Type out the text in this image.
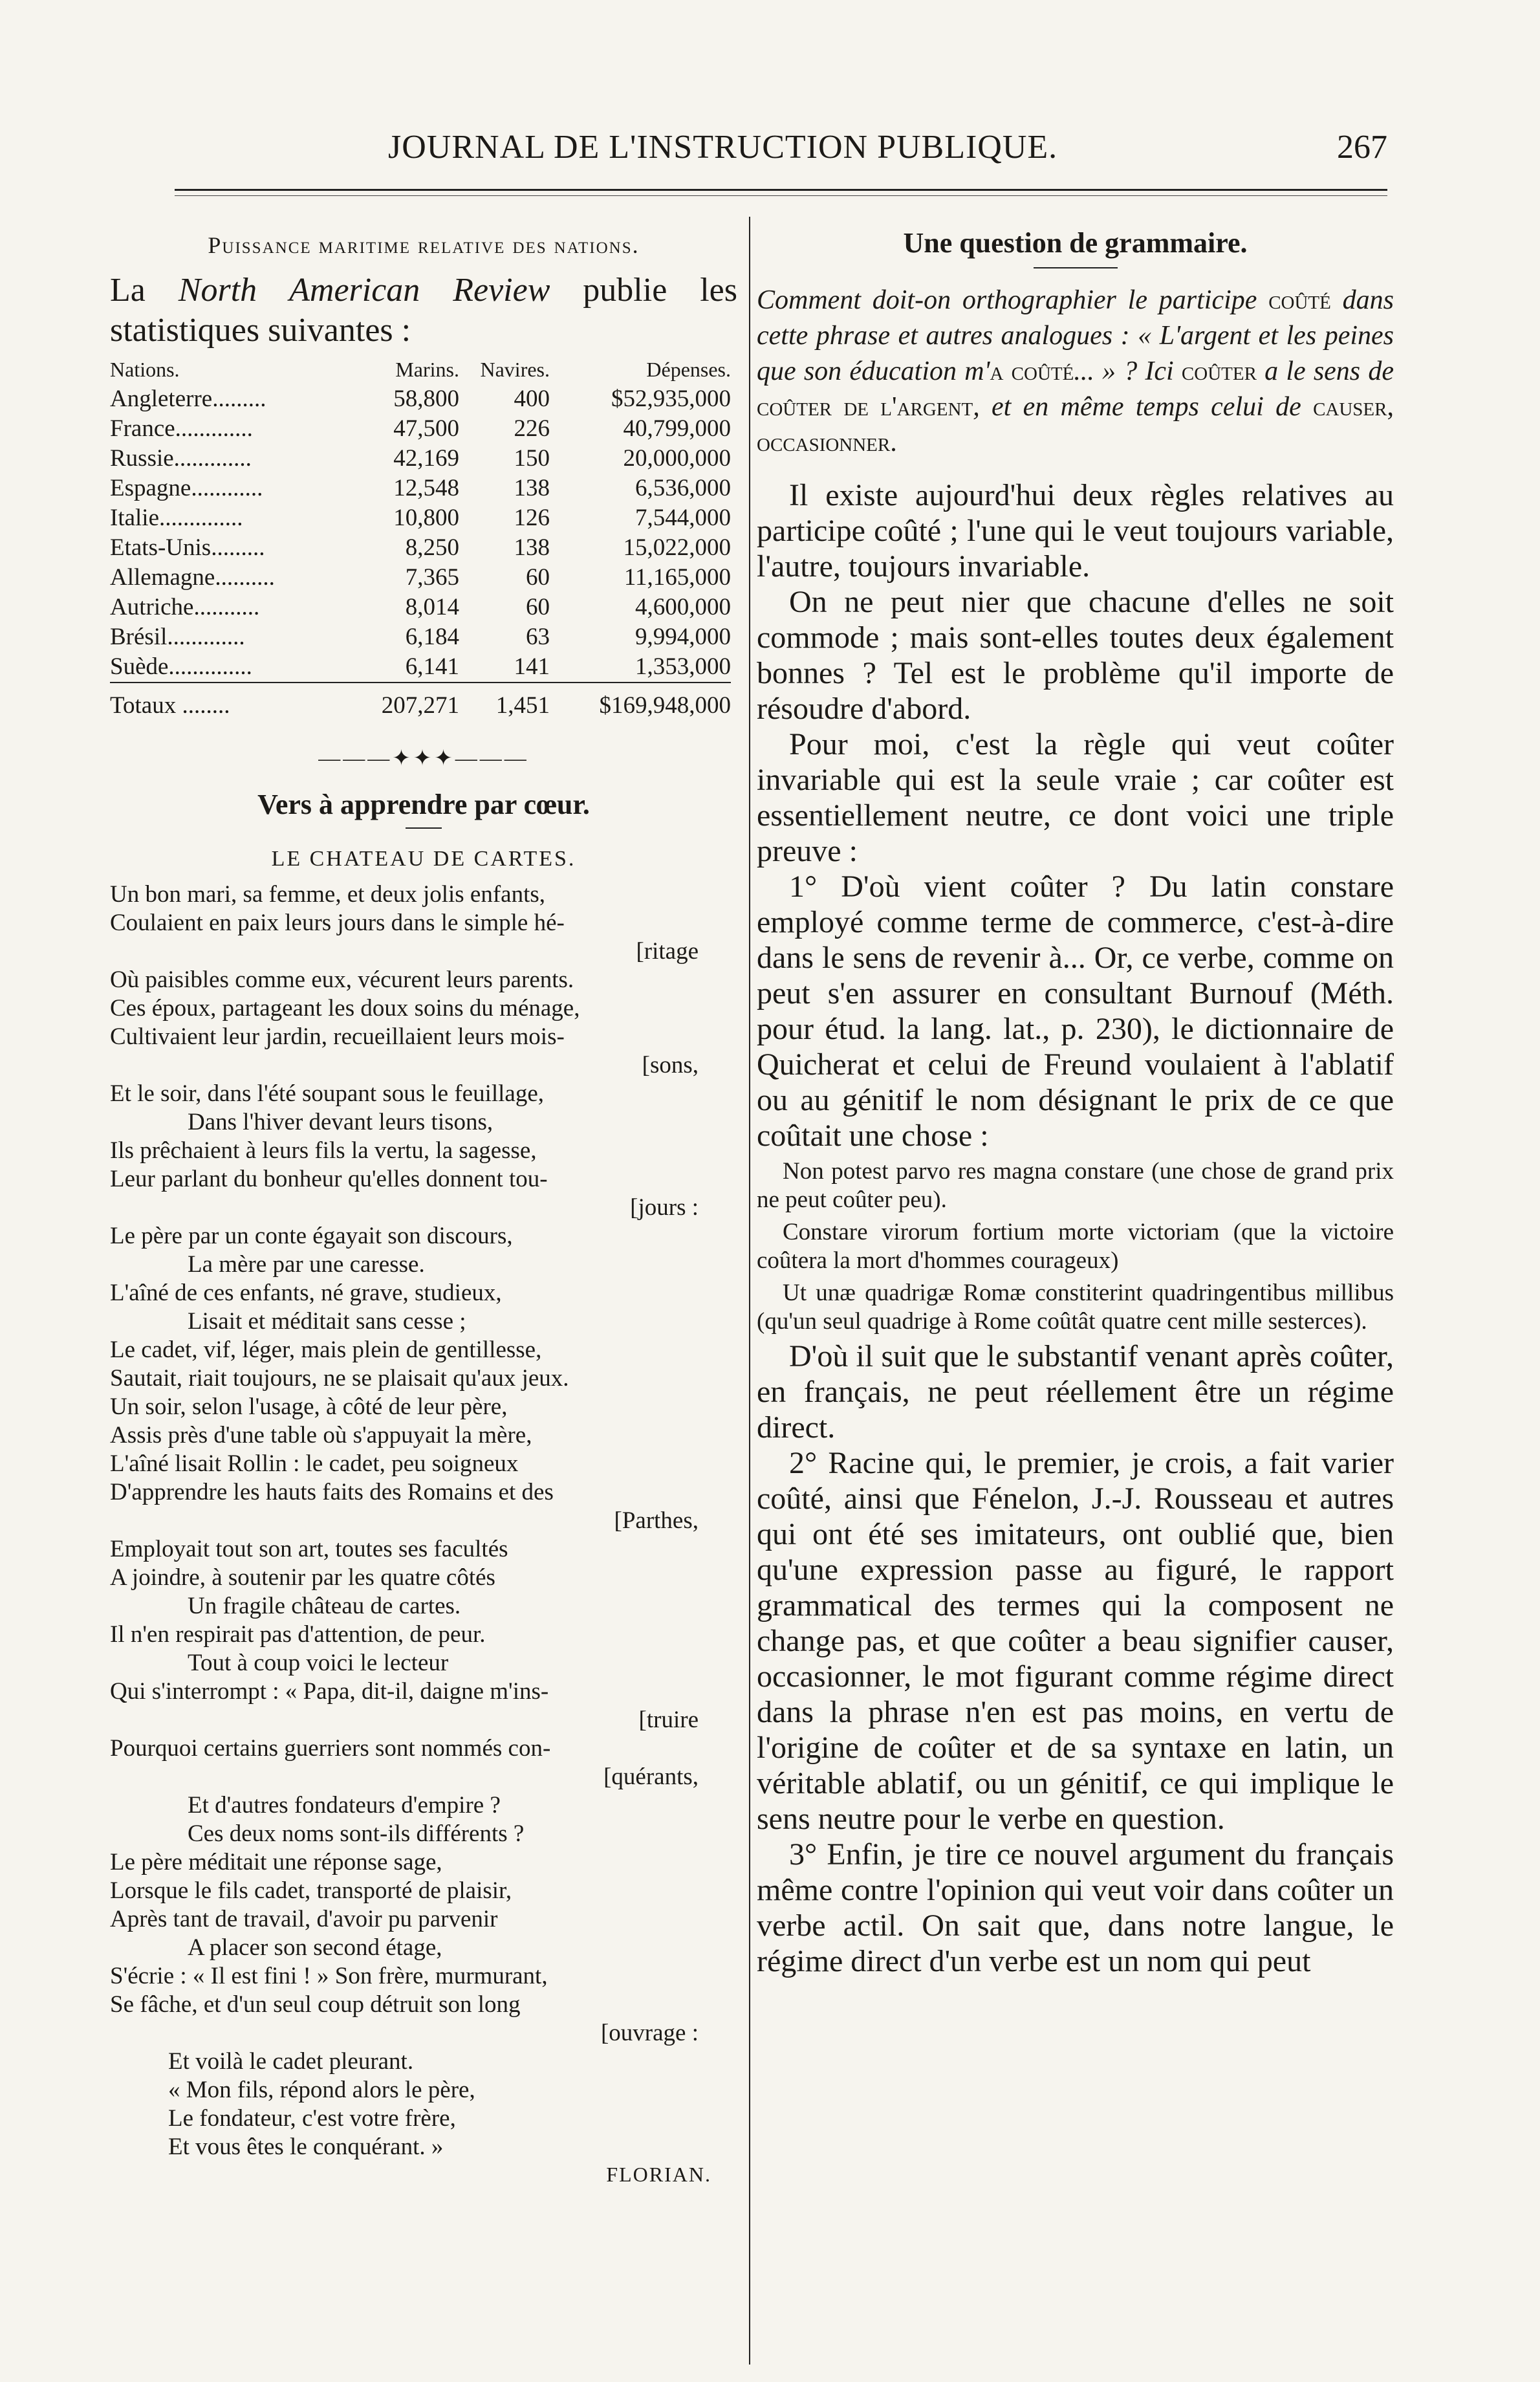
JOURNAL DE L'INSTRUCTION PUBLIQUE.	267
Puissance maritime relative des nations.

La North American Review publie les statistiques suivantes :

Nations.	Marins.	Navires.	Dépenses.
Angleterre.........	58,800	400	$52,935,000
France.............	47,500	226	40,799,000
Russie.............	42,169	150	20,000,000
Espagne............	12,548	138	6,536,000
Italie..............	10,800	126	7,544,000
Etats-Unis.........	8,250	138	15,022,000
Allemagne..........	7,365	60	11,165,000
Autriche...........	8,014	60	4,600,000
Brésil.............	6,184	63	9,994,000
Suède..............	6,141	141	1,353,000

Totaux ........	207,271	1,451	$169,948,000
———✦✦✦———
Vers à apprendre par cœur.
LE CHATEAU DE CARTES.
Un bon mari, sa femme, et deux jolis enfants,
Coulaient en paix leurs jours dans le simple hé-
[ritage
Où paisibles comme eux, vécurent leurs parents.
Ces époux, partageant les doux soins du ménage,
Cultivaient leur jardin, recueillaient leurs mois-
[sons,
Et le soir, dans l'été soupant sous le feuillage,
Dans l'hiver devant leurs tisons,
Ils prêchaient à leurs fils la vertu, la sagesse,
Leur parlant du bonheur qu'elles donnent tou-
[jours :
Le père par un conte égayait son discours,
La mère par une caresse.
L'aîné de ces enfants, né grave, studieux,
Lisait et méditait sans cesse ;
Le cadet, vif, léger, mais plein de gentillesse,
Sautait, riait toujours, ne se plaisait qu'aux jeux.
Un soir, selon l'usage, à côté de leur père,
Assis près d'une table où s'appuyait la mère,
L'aîné lisait Rollin : le cadet, peu soigneux
D'apprendre les hauts faits des Romains et des
[Parthes,
Employait tout son art, toutes ses facultés
A joindre, à soutenir par les quatre côtés
Un fragile château de cartes.
Il n'en respirait pas d'attention, de peur.
Tout à coup voici le lecteur
Qui s'interrompt : « Papa, dit-il, daigne m'ins-
[truire
Pourquoi certains guerriers sont nommés con-
[quérants,
Et d'autres fondateurs d'empire ?
Ces deux noms sont-ils différents ?
Le père méditait une réponse sage,
Lorsque le fils cadet, transporté de plaisir,
Après tant de travail, d'avoir pu parvenir
A placer son second étage,
S'écrie : « Il est fini ! » Son frère, murmurant,
Se fâche, et d'un seul coup détruit son long
[ouvrage :
Et voilà le cadet pleurant.
« Mon fils, répond alors le père,
Le fondateur, c'est votre frère,
Et vous êtes le conquérant. »
FLORIAN.
Une question de grammaire.

Comment doit-on orthographier le participe coûté dans cette phrase et autres analogues : « L'argent et les peines que son éducation m'a coûté... » ? Ici coûter a le sens de coûter de l'argent, et en même temps celui de causer, occasionner.

Il existe aujourd'hui deux règles relatives au participe coûté ; l'une qui le veut toujours variable, l'autre, toujours invariable.

On ne peut nier que chacune d'elles ne soit commode ; mais sont-elles toutes deux également bonnes ? Tel est le problème qu'il importe de résoudre d'abord.

Pour moi, c'est la règle qui veut coûter invariable qui est la seule vraie ; car coûter est essentiellement neutre, ce dont voici une triple preuve :

1° D'où vient coûter ? Du latin constare employé comme terme de commerce, c'est-à-dire dans le sens de revenir à... Or, ce verbe, comme on peut s'en assurer en consultant Burnouf (Méth. pour étud. la lang. lat., p. 230), le dictionnaire de Quicherat et celui de Freund voulaient à l'ablatif ou au génitif le nom désignant le prix de ce que coûtait une chose :

Non potest parvo res magna constare (une chose de grand prix ne peut coûter peu).

Constare virorum fortium morte victoriam (que la victoire coûtera la mort d'hommes courageux)

Ut unæ quadrigæ Romæ constiterint quadringentibus millibus (qu'un seul quadrige à Rome coûtât quatre cent mille sesterces).

D'où il suit que le substantif venant après coûter, en français, ne peut réellement être un régime direct.

2° Racine qui, le premier, je crois, a fait varier coûté, ainsi que Fénelon, J.-J. Rousseau et autres qui ont été ses imitateurs, ont oublié que, bien qu'une expression passe au figuré, le rapport grammatical des termes qui la composent ne change pas, et que coûter a beau signifier causer, occasionner, le mot figurant comme régime direct dans la phrase n'en est pas moins, en vertu de l'origine de coûter et de sa syntaxe en latin, un véritable ablatif, ou un génitif, ce qui implique le sens neutre pour le verbe en question.

3° Enfin, je tire ce nouvel argument du français même contre l'opinion qui veut voir dans coûter un verbe actil. On sait que, dans notre langue, le régime direct d'un verbe est un nom qui peut
